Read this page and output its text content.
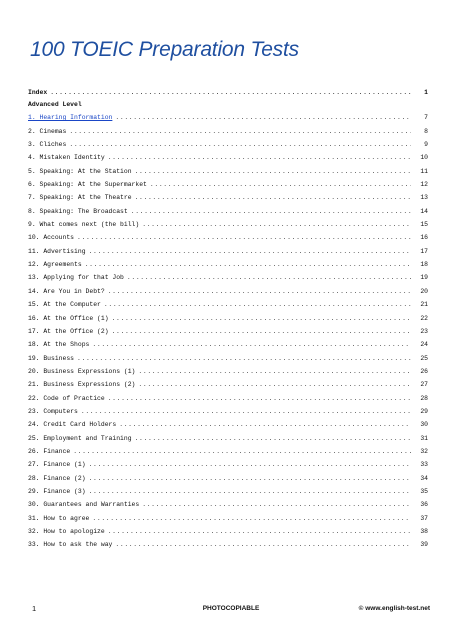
100 TOEIC Preparation Tests
Index . . .	1
Advanced Level
1. Hearing Information . . .	7
2. Cinemas . . .	8
3. Cliches . . .	9
4. Mistaken Identity . . .	10
5. Speaking: At the Station . . .	11
6. Speaking: At the Supermarket . . .	12
7. Speaking: At the Theatre . . .	13
8. Speaking: The Broadcast . . .	14
9. What comes next (the bill) . . .	15
10. Accounts . . .	16
11. Advertising . . .	17
12. Agreements . . .	18
13. Applying for that Job . . .	19
14. Are You in Debt? . . .	20
15. At the Computer . . .	21
16. At the Office (1) . . .	22
17. At the Office (2) . . .	23
18. At the Shops . . .	24
19. Business . . .	25
20. Business Expressions (1) . . .	26
21. Business Expressions (2) . . .	27
22. Code of Practice . . .	28
23. Computers . . .	29
24. Credit Card Holders . . .	30
25. Employment and Training . . .	31
26. Finance . . .	32
27. Finance (1) . . .	33
28. Finance (2) . . .	34
29. Finance (3) . . .	35
30. Guarantees and Warranties . . .	36
31. How to agree . . .	37
32. How to apologize . . .	38
33. How to ask the way . . .	39
1	PHOTOCOPIABLE	© www.english-test.net
